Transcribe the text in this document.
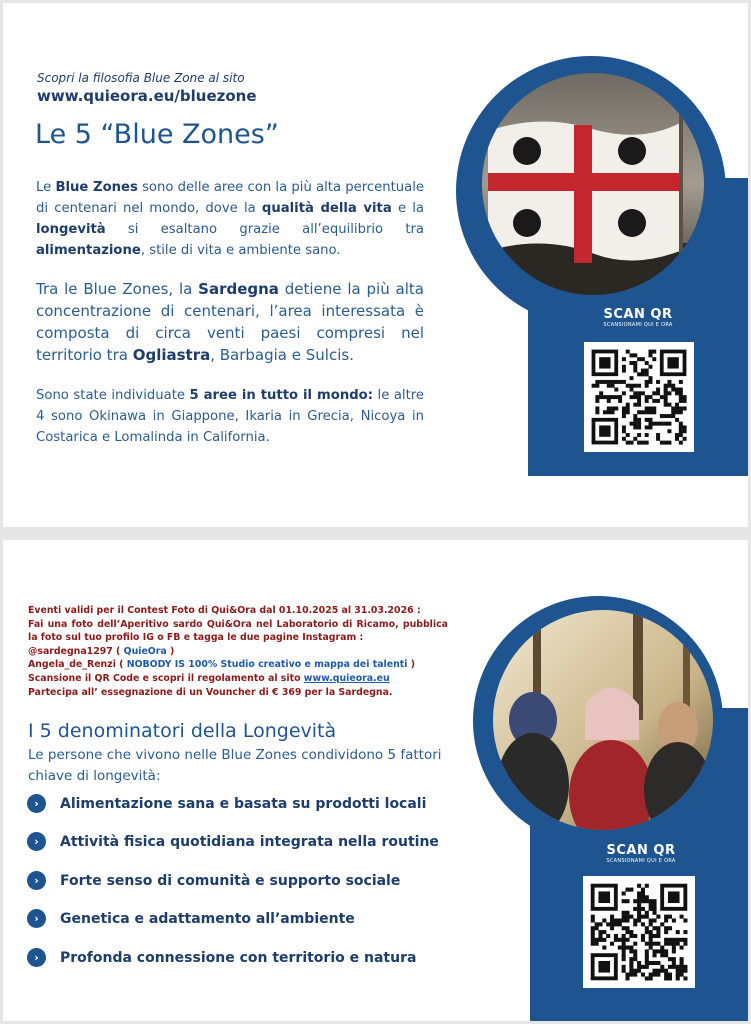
Scopri la filosofia Blue Zone al sito
www.quieora.eu/bluezone
Le 5 “Blue Zones”
Le Blue Zones sono delle aree con la più alta percentuale di centenari nel mondo, dove la qualità della vita e la longevità si esaltano grazie all’equilibrio tra alimentazione, stile di vita e ambiente sano.
Tra le Blue Zones, la Sardegna detiene la più alta concentrazione di centenari, l’area interessata è composta di circa venti paesi compresi nel territorio tra Ogliastra, Barbagia e Sulcis.
Sono state individuate 5 aree in tutto il mondo: le altre 4 sono Okinawa in Giappone, Ikaria in Grecia, Nicoya in Costarica e Lomalinda in California.
SCAN QR
SCANSIONAMI QUI E ORA
Eventi validi per il Contest Foto di Qui&Ora dal 01.10.2025 al 31.03.2026 :
Fai una foto dell’Aperitivo sardo Qui&Ora nel Laboratorio di Ricamo, pubblica la foto sul tuo profilo IG o FB e tagga le due pagine Instagram :
@sardegna1297 ( QuieOra )
Angela_de_Renzi ( NOBODY IS 100% Studio creativo e mappa dei talenti )
Scansione il QR Code e scopri il regolamento al sito www.quieora.eu
Partecipa all’ essegnazione di un Vouncher di € 369 per la Sardegna.
I 5 denominatori della Longevità
Le persone che vivono nelle Blue Zones condividono 5 fattori chiave di longevità:
›	Alimentazione sana e basata su prodotti locali
›	Attività fisica quotidiana integrata nella routine
›	Forte senso di comunità e supporto sociale
›	Genetica e adattamento all’ambiente
›	Profonda connessione con territorio e natura
SCAN QR
SCANSIONAMI QUI E ORA
